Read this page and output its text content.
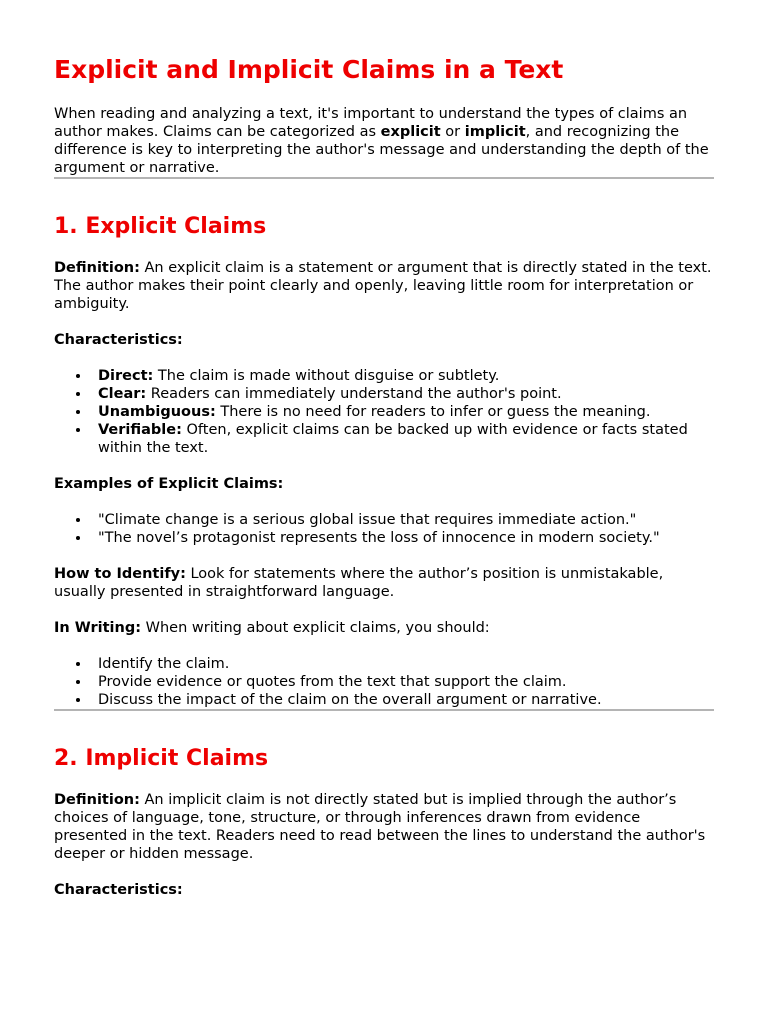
Explicit and Implicit Claims in a Text

When reading and analyzing a text, it's important to understand the types of claims an author makes. Claims can be categorized as explicit or implicit, and recognizing the difference is key to interpreting the author's message and understanding the depth of the argument or narrative.

1. Explicit Claims

Definition: An explicit claim is a statement or argument that is directly stated in the text. The author makes their point clearly and openly, leaving little room for interpretation or ambiguity.

Characteristics:

Direct: The claim is made without disguise or subtlety.
Clear: Readers can immediately understand the author's point.
Unambiguous: There is no need for readers to infer or guess the meaning.
Verifiable: Often, explicit claims can be backed up with evidence or facts stated within the text.

Examples of Explicit Claims:

"Climate change is a serious global issue that requires immediate action."
"The novel’s protagonist represents the loss of innocence in modern society."

How to Identify: Look for statements where the author’s position is unmistakable, usually presented in straightforward language.

In Writing: When writing about explicit claims, you should:

Identify the claim.
Provide evidence or quotes from the text that support the claim.
Discuss the impact of the claim on the overall argument or narrative.
2. Implicit Claims

Definition: An implicit claim is not directly stated but is implied through the author’s choices of language, tone, structure, or through inferences drawn from evidence presented in the text. Readers need to read between the lines to understand the author's deeper or hidden message.

Characteristics:
